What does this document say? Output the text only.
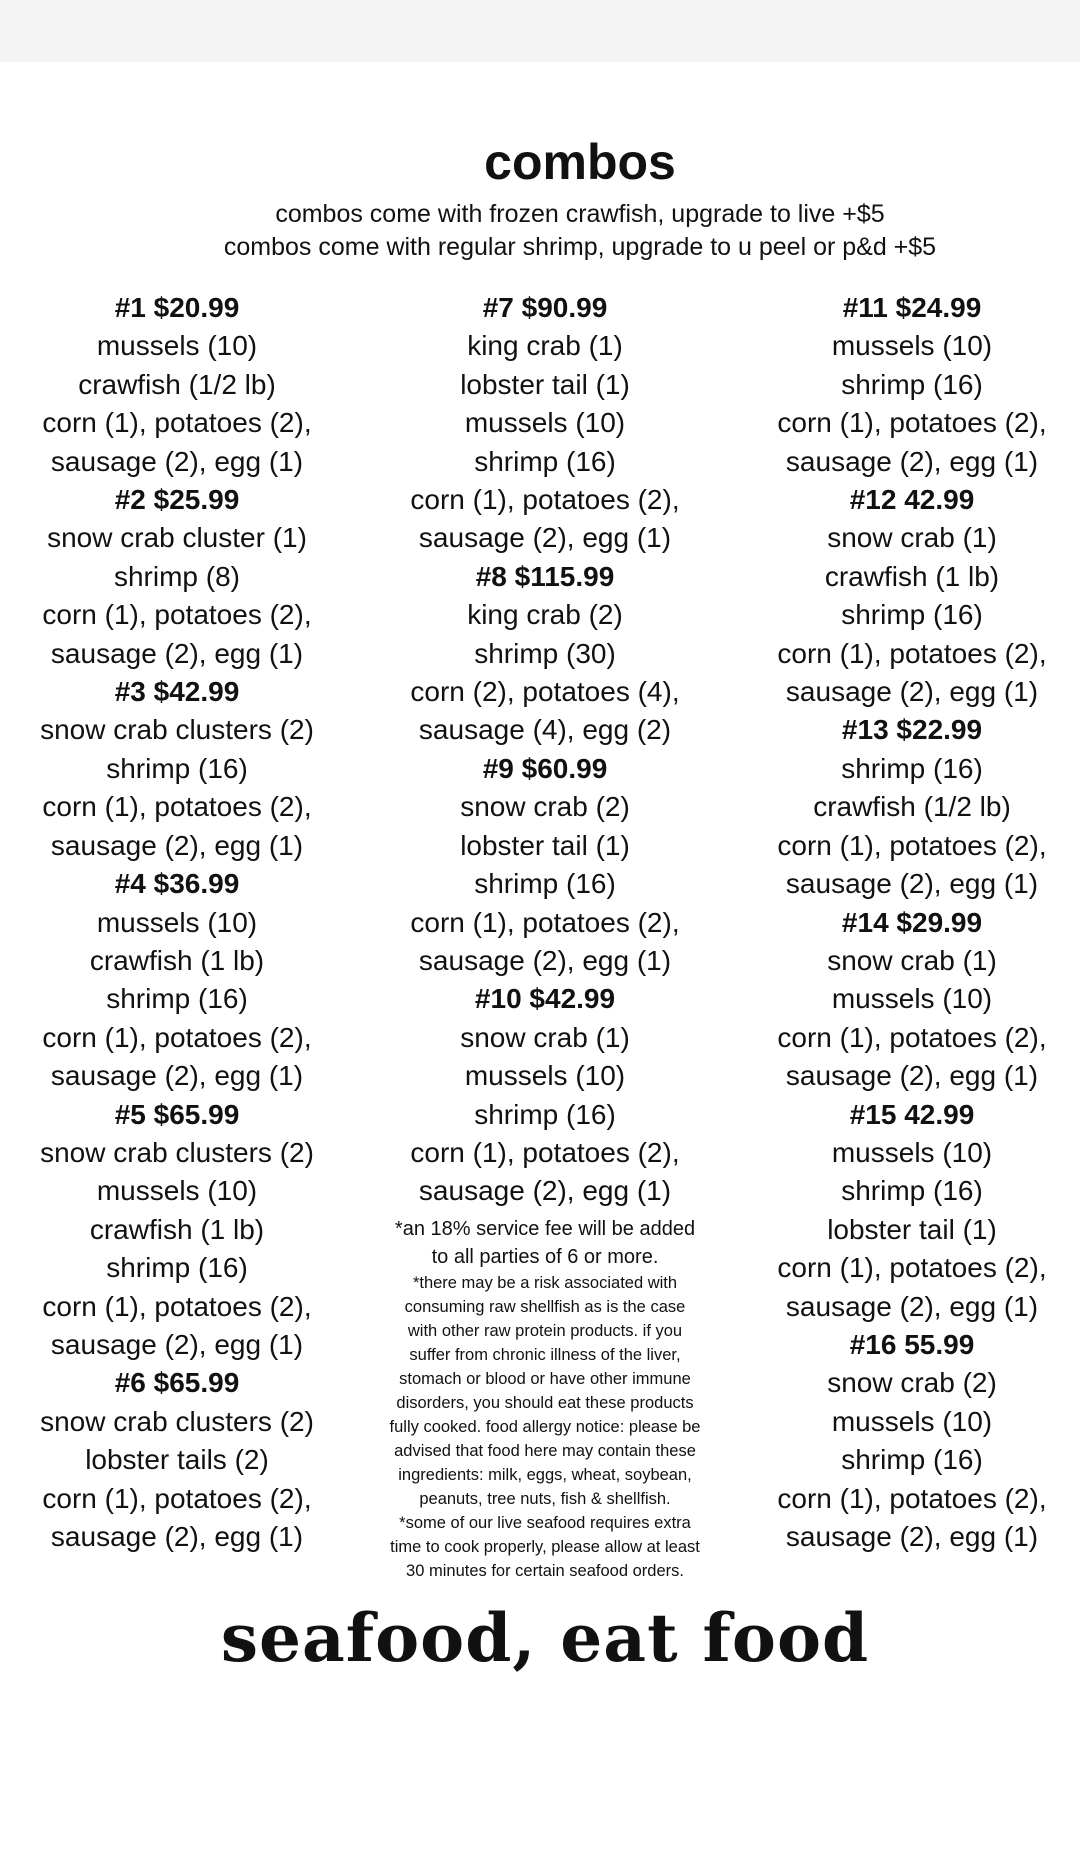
combos
combos come with frozen crawfish, upgrade to live +$5
combos come with regular shrimp, upgrade to u peel or p&d +$5
#1 $20.99
mussels (10)
crawfish (1/2 lb)
corn (1), potatoes (2),
sausage (2), egg (1)
#2 $25.99
snow crab cluster (1)
shrimp (8)
corn (1), potatoes (2),
sausage (2), egg (1)
#3 $42.99
snow crab clusters (2)
shrimp (16)
corn (1), potatoes (2),
sausage (2), egg (1)
#4 $36.99
mussels (10)
crawfish (1 lb)
shrimp (16)
corn (1), potatoes (2),
sausage (2), egg (1)
#5 $65.99
snow crab clusters (2)
mussels (10)
crawfish (1 lb)
shrimp (16)
corn (1), potatoes (2),
sausage (2), egg (1)
#6 $65.99
snow crab clusters (2)
lobster tails (2)
corn (1), potatoes (2),
sausage (2), egg (1)
#7 $90.99
king crab (1)
lobster tail (1)
mussels (10)
shrimp (16)
corn (1), potatoes (2),
sausage (2), egg (1)
#8 $115.99
king crab (2)
shrimp (30)
corn (2), potatoes (4),
sausage (4), egg (2)
#9 $60.99
snow crab (2)
lobster tail (1)
shrimp (16)
corn (1), potatoes (2),
sausage (2), egg (1)
#10 $42.99
snow crab (1)
mussels (10)
shrimp (16)
corn (1), potatoes (2),
sausage (2), egg (1)
*an 18% service fee will be added to all parties of 6 or more.
*there may be a risk associated with consuming raw shellfish as is the case with other raw protein products. if you suffer from chronic illness of the liver, stomach or blood or have other immune disorders, you should eat these products fully cooked. food allergy notice: please be advised that food here may contain these ingredients: milk, eggs, wheat, soybean, peanuts, tree nuts, fish & shellfish.
*some of our live seafood requires extra time to cook properly, please allow at least 30 minutes for certain seafood orders.
#11 $24.99
mussels (10)
shrimp (16)
corn (1), potatoes (2),
sausage (2), egg (1)
#12 42.99
snow crab (1)
crawfish (1 lb)
shrimp (16)
corn (1), potatoes (2),
sausage (2), egg (1)
#13 $22.99
shrimp (16)
crawfish (1/2 lb)
corn (1), potatoes (2),
sausage (2), egg (1)
#14 $29.99
snow crab (1)
mussels (10)
corn (1), potatoes (2),
sausage (2), egg (1)
#15 42.99
mussels (10)
shrimp (16)
lobster tail (1)
corn (1), potatoes (2),
sausage (2), egg (1)
#16 55.99
snow crab (2)
mussels (10)
shrimp (16)
corn (1), potatoes (2),
sausage (2), egg (1)
seafood, eat food
